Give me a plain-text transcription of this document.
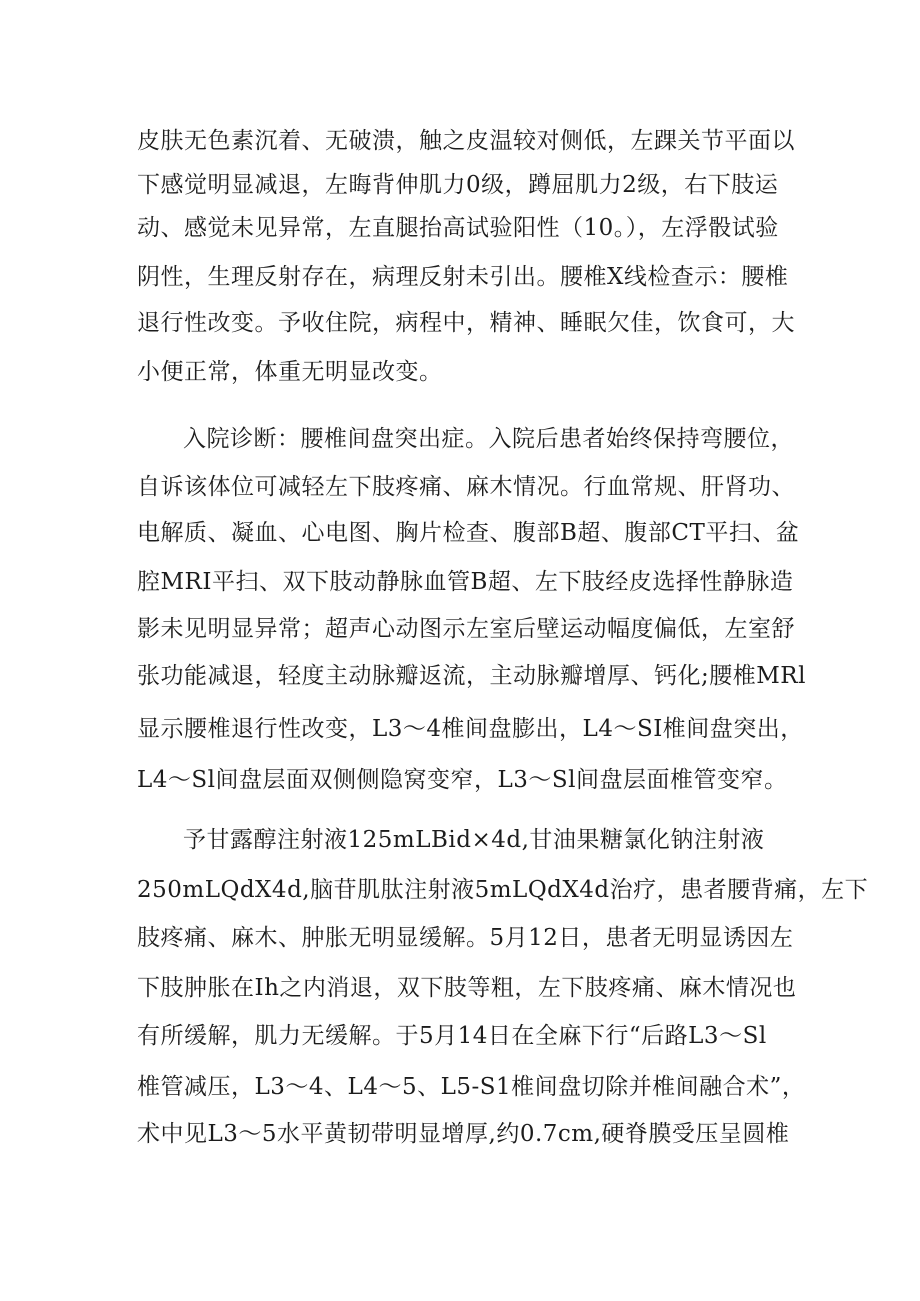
皮肤无色素沉着、无破溃，触之皮温较对侧低，左踝关节平面以

下感觉明显减退，左晦背伸肌力0级，蹲屈肌力2级，右下肢运

动、感觉未见异常，左直腿抬高试验阳性（10。），左浮骰试验

阴性，生理反射存在，病理反射未引出。腰椎X线检查示：腰椎

退行性改变。予收住院，病程中，精神、睡眠欠佳，饮食可，大

小便正常，体重无明显改变。

入院诊断：腰椎间盘突出症。入院后患者始终保持弯腰位，

自诉该体位可减轻左下肢疼痛、麻木情况。行血常规、肝肾功、

电解质、凝血、心电图、胸片检查、腹部B超、腹部CT平扫、盆

腔MRI平扫、双下肢动静脉血管B超、左下肢经皮选择性静脉造

影未见明显异常；超声心动图示左室后壁运动幅度偏低，左室舒

张功能减退，轻度主动脉瓣返流，主动脉瓣增厚、钙化;腰椎MRl

显示腰椎退行性改变，L3～4椎间盘膨出，L4～SI椎间盘突出，

L4～Sl间盘层面双侧侧隐窝变窄，L3～Sl间盘层面椎管变窄。

予甘露醇注射液125mLBid×4d,甘油果糖氯化钠注射液

250mLQdX4d,脑苷肌肽注射液5mLQdX4d治疗，患者腰背痛，左下

肢疼痛、麻木、肿胀无明显缓解。5月12日，患者无明显诱因左

下肢肿胀在Ih之内消退，双下肢等粗，左下肢疼痛、麻木情况也

有所缓解，肌力无缓解。于5月14日在全麻下行“后路L3～Sl

椎管减压，L3～4、L4～5、L5-S1椎间盘切除并椎间融合术”，

术中见L3～5水平黄韧带明显增厚,约0.7cm,硬脊膜受压呈圆椎
